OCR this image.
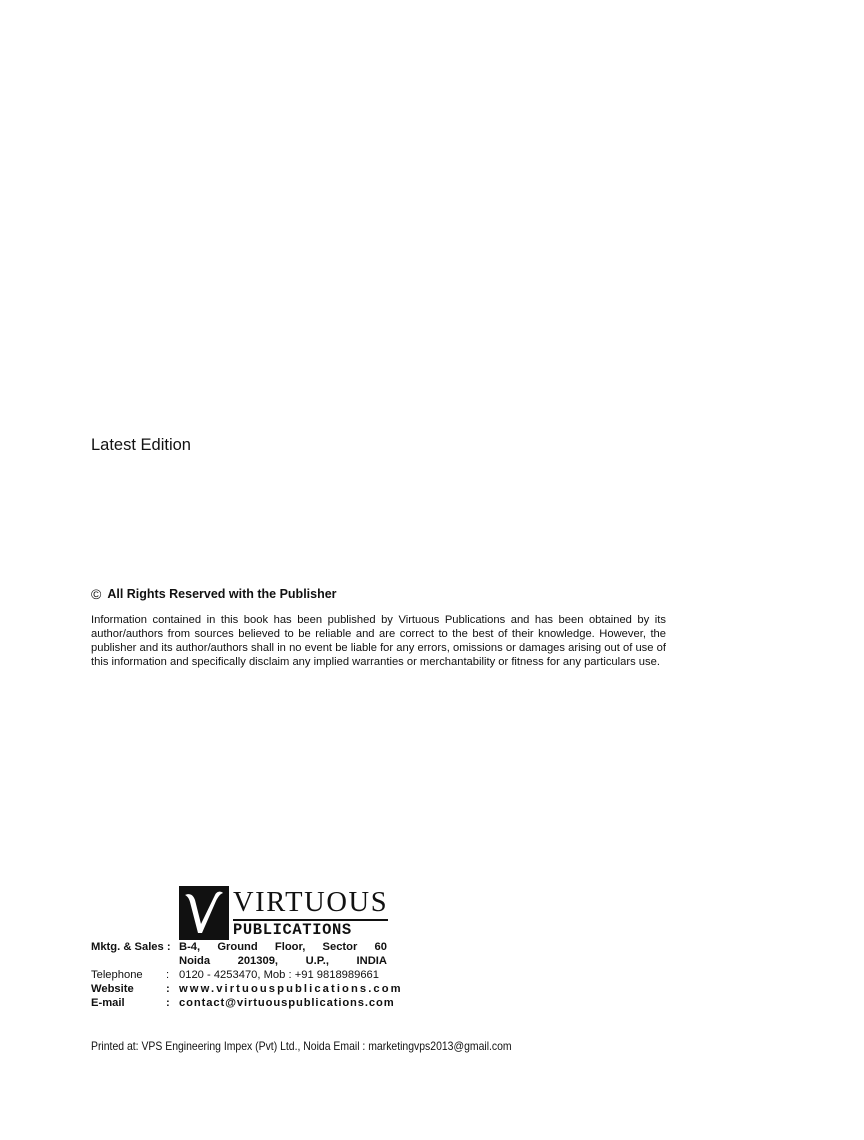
Latest Edition
© All Rights Reserved with the Publisher
Information contained in this book has been published by Virtuous Publications and has been obtained by its author/authors from sources believed to be reliable and are correct to the best of their knowledge. However, the publisher and its author/authors shall in no event be liable for any errors, omissions or damages arising out of use of this information and specifically disclaim any implied warranties or merchantability or fitness for any particulars use.
VIRTUOUS
PUBLICATIONS
Mktg. & Sales : B-4, Ground Floor, Sector 60
Noida 201309, U.P., INDIA
Telephone : 0120 - 4253470, Mob : +91 9818989661
Website	: www.virtuouspublications.com
E-mail	: contact@virtuouspublications.com
Printed at: VPS Engineering Impex (Pvt) Ltd., Noida Email : marketingvps2013@gmail.com
